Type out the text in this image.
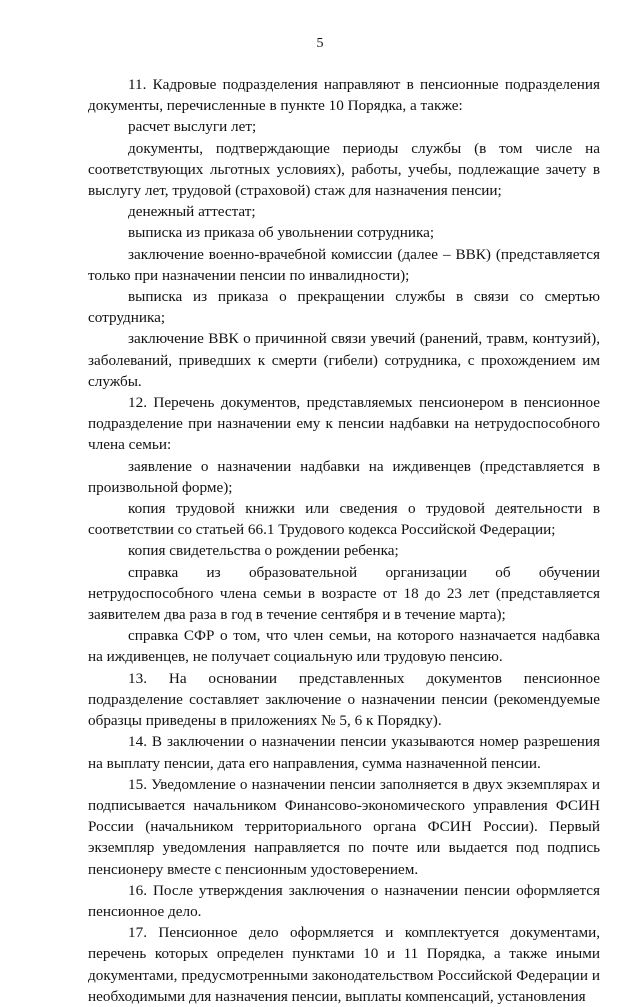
5

11. Кадровые подразделения направляют в пенсионные подразделения документы, перечисленные в пункте 10 Порядка, а также:

расчет выслуги лет;

документы, подтверждающие периоды службы (в том числе на соответствующих льготных условиях), работы, учебы, подлежащие зачету в выслугу лет, трудовой (страховой) стаж для назначения пенсии;

денежный аттестат;

выписка из приказа об увольнении сотрудника;

заключение военно-врачебной комиссии (далее – ВВК) (представляется только при назначении пенсии по инвалидности);

выписка из приказа о прекращении службы в связи со смертью сотрудника;

заключение ВВК о причинной связи увечий (ранений, травм, контузий), заболеваний, приведших к смерти (гибели) сотрудника, с прохождением им службы.

12. Перечень документов, представляемых пенсионером в пенсионное подразделение при назначении ему к пенсии надбавки на нетрудоспособного члена семьи:

заявление о назначении надбавки на иждивенцев (представляется в произвольной форме);

копия трудовой книжки или сведения о трудовой деятельности в соответствии со статьей 66.1 Трудового кодекса Российской Федерации;

копия свидетельства о рождении ребенка;

справка из образовательной организации об обучении нетрудоспособного члена семьи в возрасте от 18 до 23 лет (представляется заявителем два раза в год в течение сентября и в течение марта);

справка СФР о том, что член семьи, на которого назначается надбавка на иждивенцев, не получает социальную или трудовую пенсию.

13. На основании представленных документов пенсионное подразделение составляет заключение о назначении пенсии (рекомендуемые образцы приведены в приложениях № 5, 6 к Порядку).

14. В заключении о назначении пенсии указываются номер разрешения на выплату пенсии, дата его направления, сумма назначенной пенсии.

15. Уведомление о назначении пенсии заполняется в двух экземплярах и подписывается начальником Финансово-экономического управления ФСИН России (начальником территориального органа ФСИН России). Первый экземпляр уведомления направляется по почте или выдается под подпись пенсионеру вместе с пенсионным удостоверением.

16. После утверждения заключения о назначении пенсии оформляется пенсионное дело.

17. Пенсионное дело оформляется и комплектуется документами, перечень которых определен пунктами 10 и 11 Порядка, а также иными документами, предусмотренными законодательством Российской Федерации и необходимыми для назначения пенсии, выплаты компенсаций, установления
